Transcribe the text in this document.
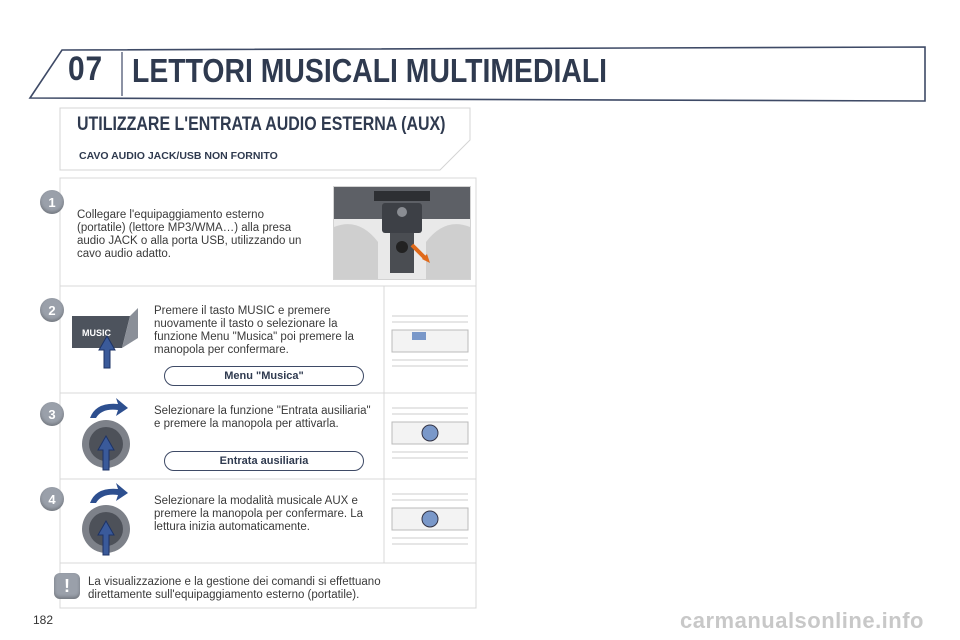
07 LETTORI MUSICALI MULTIMEDIALI
UTILIZZARE L'ENTRATA AUDIO ESTERNA (AUX)
CAVO AUDIO JACK/USB NON FORNITO
1
Collegare l'equipaggiamento esterno (portatile) (lettore MP3/WMA…) alla presa audio JACK o alla porta USB, utilizzando un cavo audio adatto.
2
MUSIC
Premere il tasto MUSIC e premere nuovamente il tasto o selezionare la funzione Menu "Musica" poi premere la manopola per confermare.
Menu "Musica"
3	Selezionare la funzione "Entrata ausiliaria" e premere la manopola per attivarla.
Entrata ausiliaria
4	Selezionare la modalità musicale AUX e premere la manopola per confermare. La lettura inizia automaticamente.
!	La visualizzazione e la gestione dei comandi si effettuano direttamente sull'equipaggiamento esterno (portatile).
182	carmanualsonline.info
